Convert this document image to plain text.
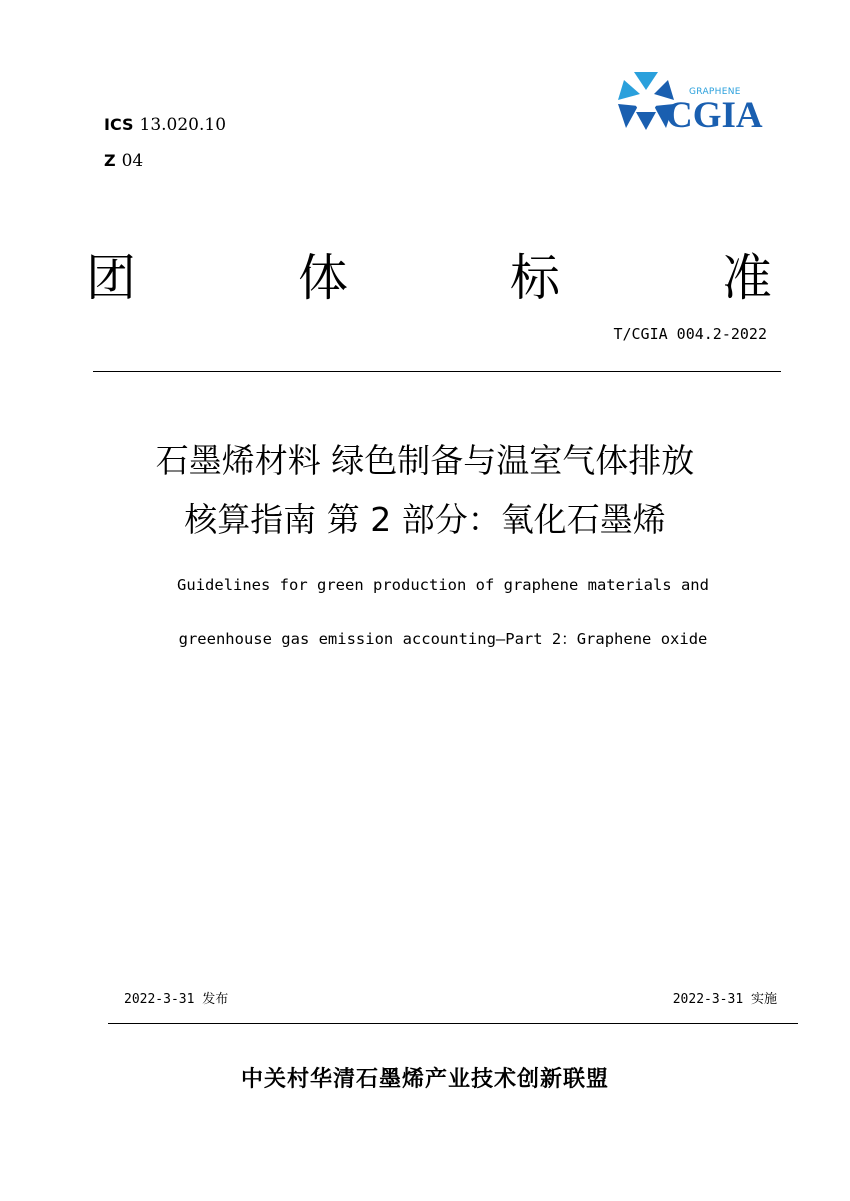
ICS 13.020.10
Z 04
GRAPHENE
CGIA
团	体	标	准
T/CGIA 004.2-2022
石墨烯材料 绿色制备与温室气体排放
核算指南 第 2 部分：氧化石墨烯
Guidelines for green production of graphene materials and
greenhouse gas emission accounting—Part 2：Graphene oxide
2022-3-31 发布	2022-3-31 实施
中关村华清石墨烯产业技术创新联盟
